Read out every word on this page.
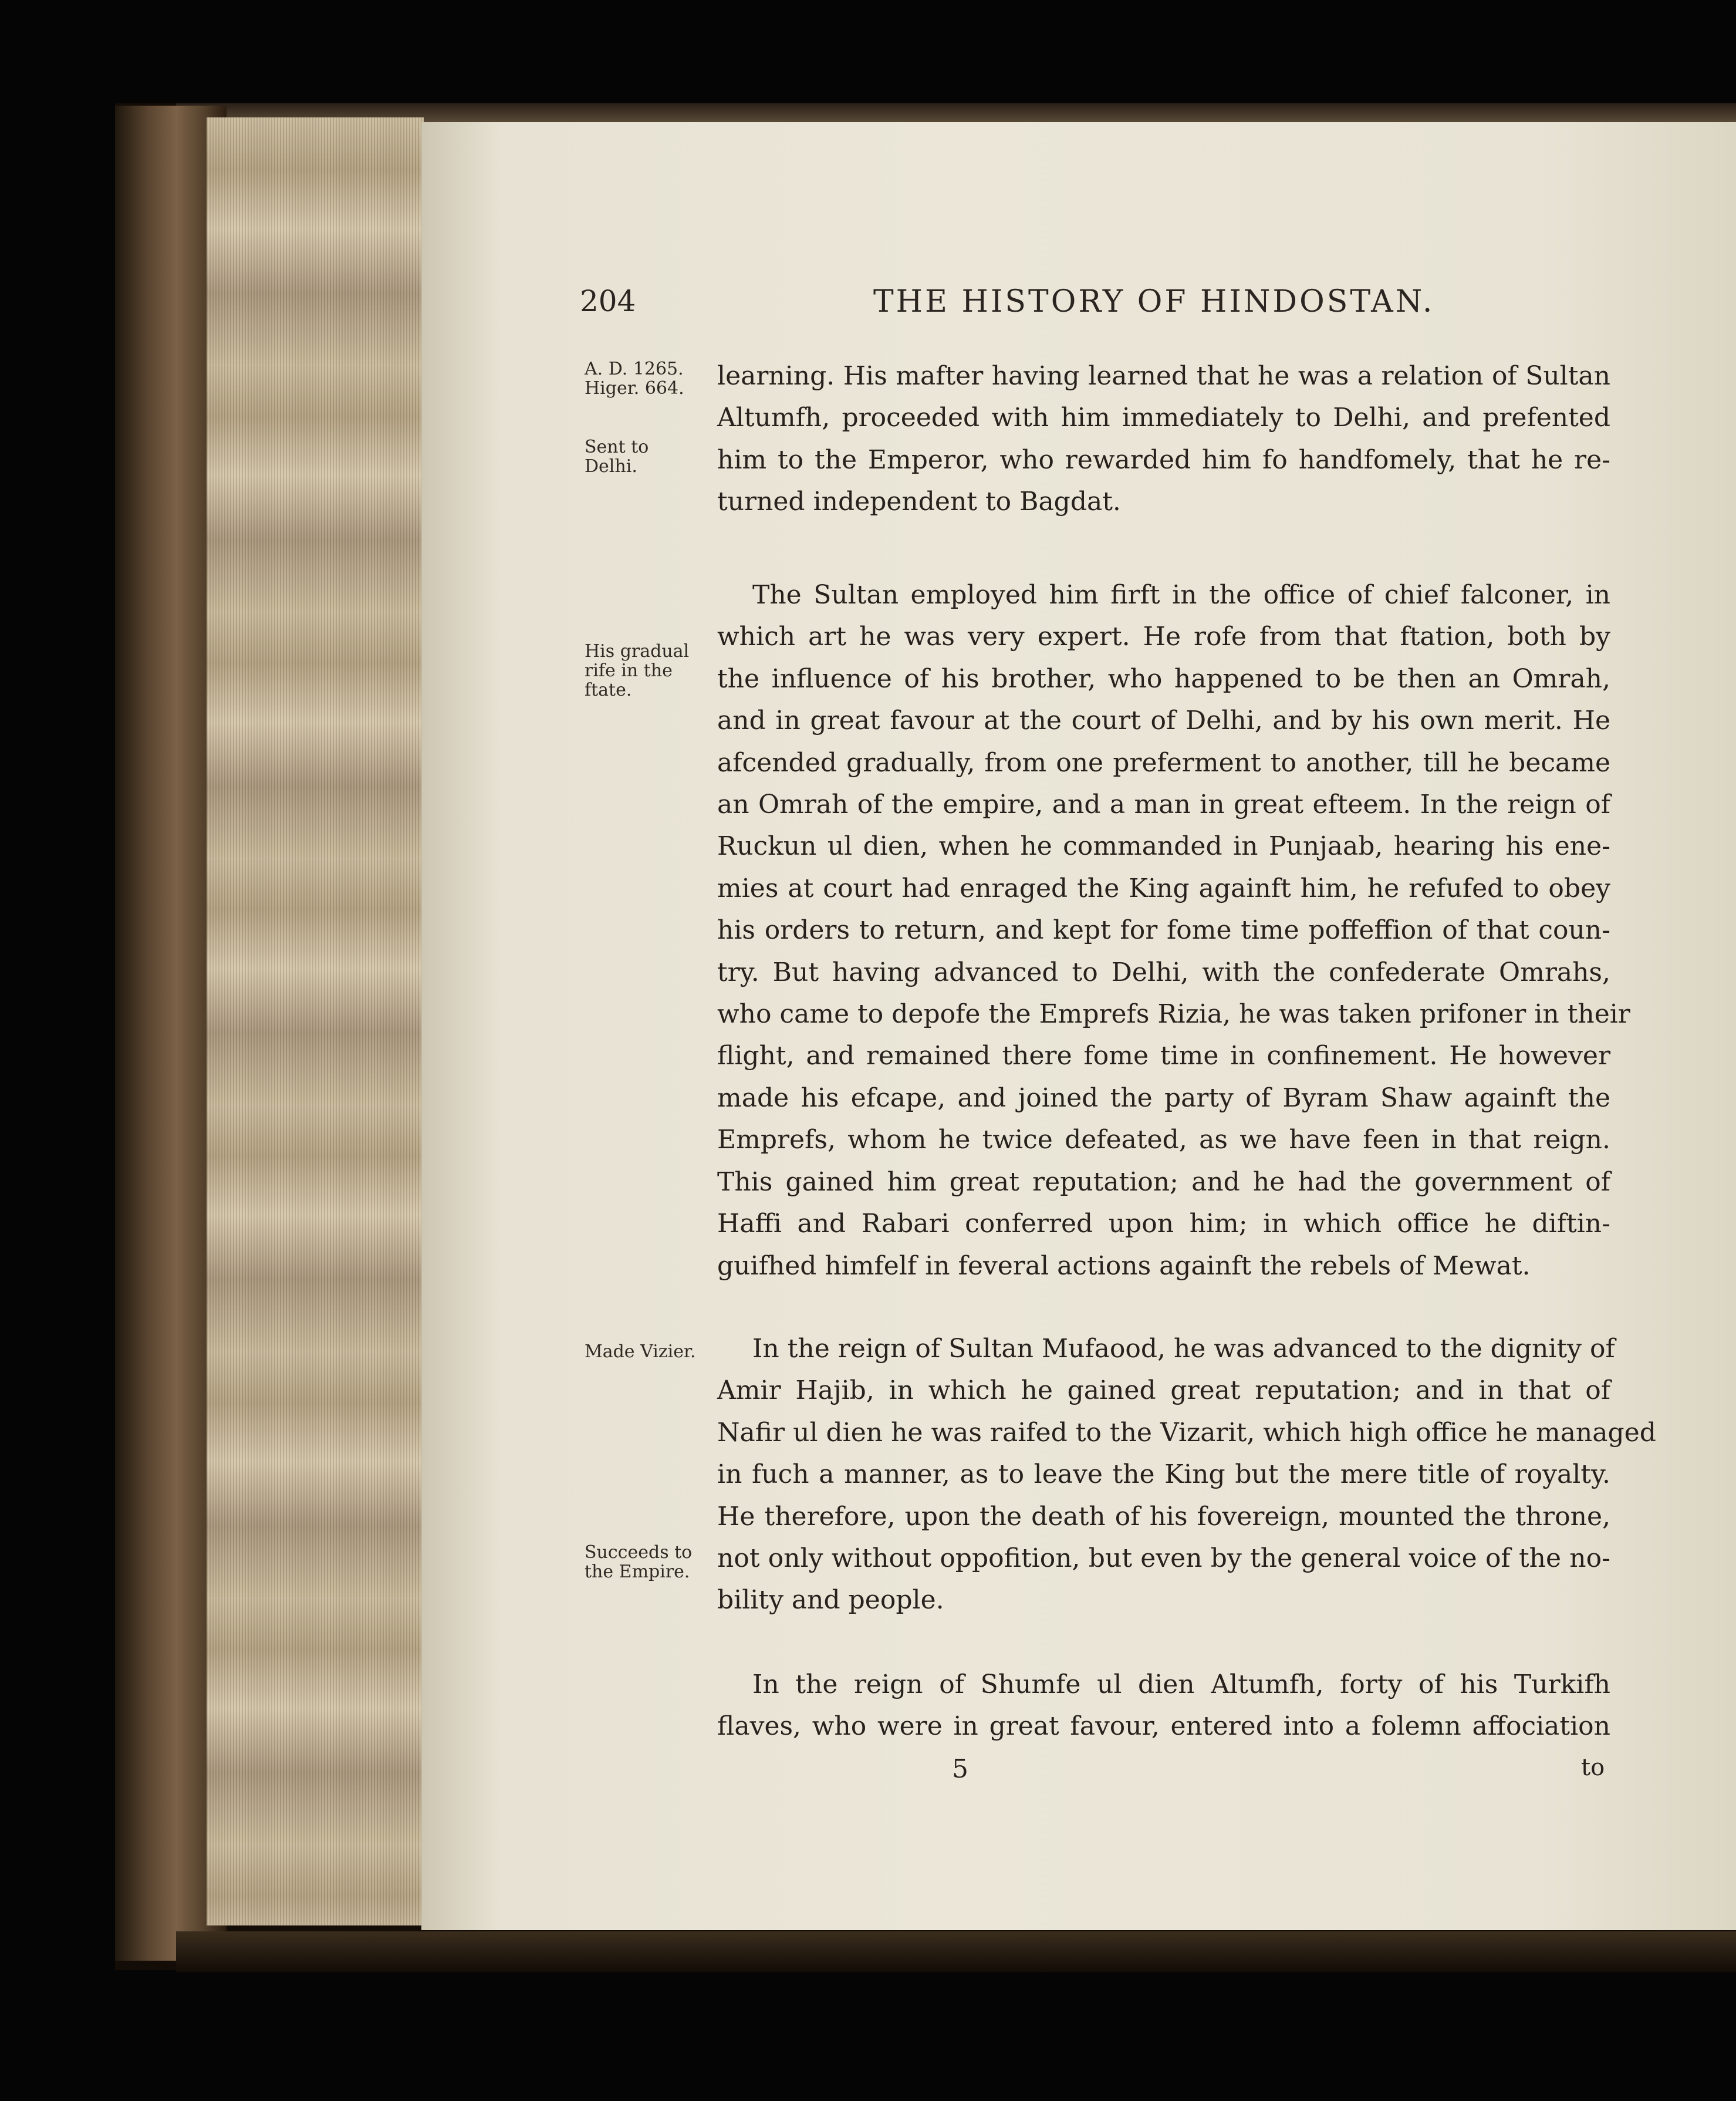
204	THE HISTORY OF HINDOSTAN.
A. D. 1265. Higer. 664.
Sent to Delhi.
His gradual rife in the ftate.
Made Vizier.
Succeeds to the Empire.

learning. His mafter having learned that he was a relation of Sultan

Altumfh, proceeded with him immediately to Delhi, and prefented

him to the Emperor, who rewarded him fo handfomely, that he re-

turned independent to Bagdat.

The Sultan employed him firft in the office of chief falconer, in

which art he was very expert. He rofe from that ftation, both by

the influence of his brother, who happened to be then an Omrah,

and in great favour at the court of Delhi, and by his own merit. He

afcended gradually, from one preferment to another, till he became

an Omrah of the empire, and a man in great efteem. In the reign of

Ruckun ul dien, when he commanded in Punjaab, hearing his ene-

mies at court had enraged the King againft him, he refufed to obey

his orders to return, and kept for fome time poffeffion of that coun-

try. But having advanced to Delhi, with the confederate Omrahs,

who came to depofe the Emprefs Rizia, he was taken prifoner in their

flight, and remained there fome time in confinement. He however

made his efcape, and joined the party of Byram Shaw againft the

Emprefs, whom he twice defeated, as we have feen in that reign.

This gained him great reputation; and he had the government of

Haffi and Rabari conferred upon him; in which office he diftin-

guifhed himfelf in feveral actions againft the rebels of Mewat.

In the reign of Sultan Mufaood, he was advanced to the dignity of

Amir Hajib, in which he gained great reputation; and in that of

Nafir ul dien he was raifed to the Vizarit, which high office he managed

in fuch a manner, as to leave the King but the mere title of royalty.

He therefore, upon the death of his fovereign, mounted the throne,

not only without oppofition, but even by the general voice of the no-

bility and people.

In the reign of Shumfe ul dien Altumfh, forty of his Turkifh

flaves, who were in great favour, entered into a folemn affociation

5	to
